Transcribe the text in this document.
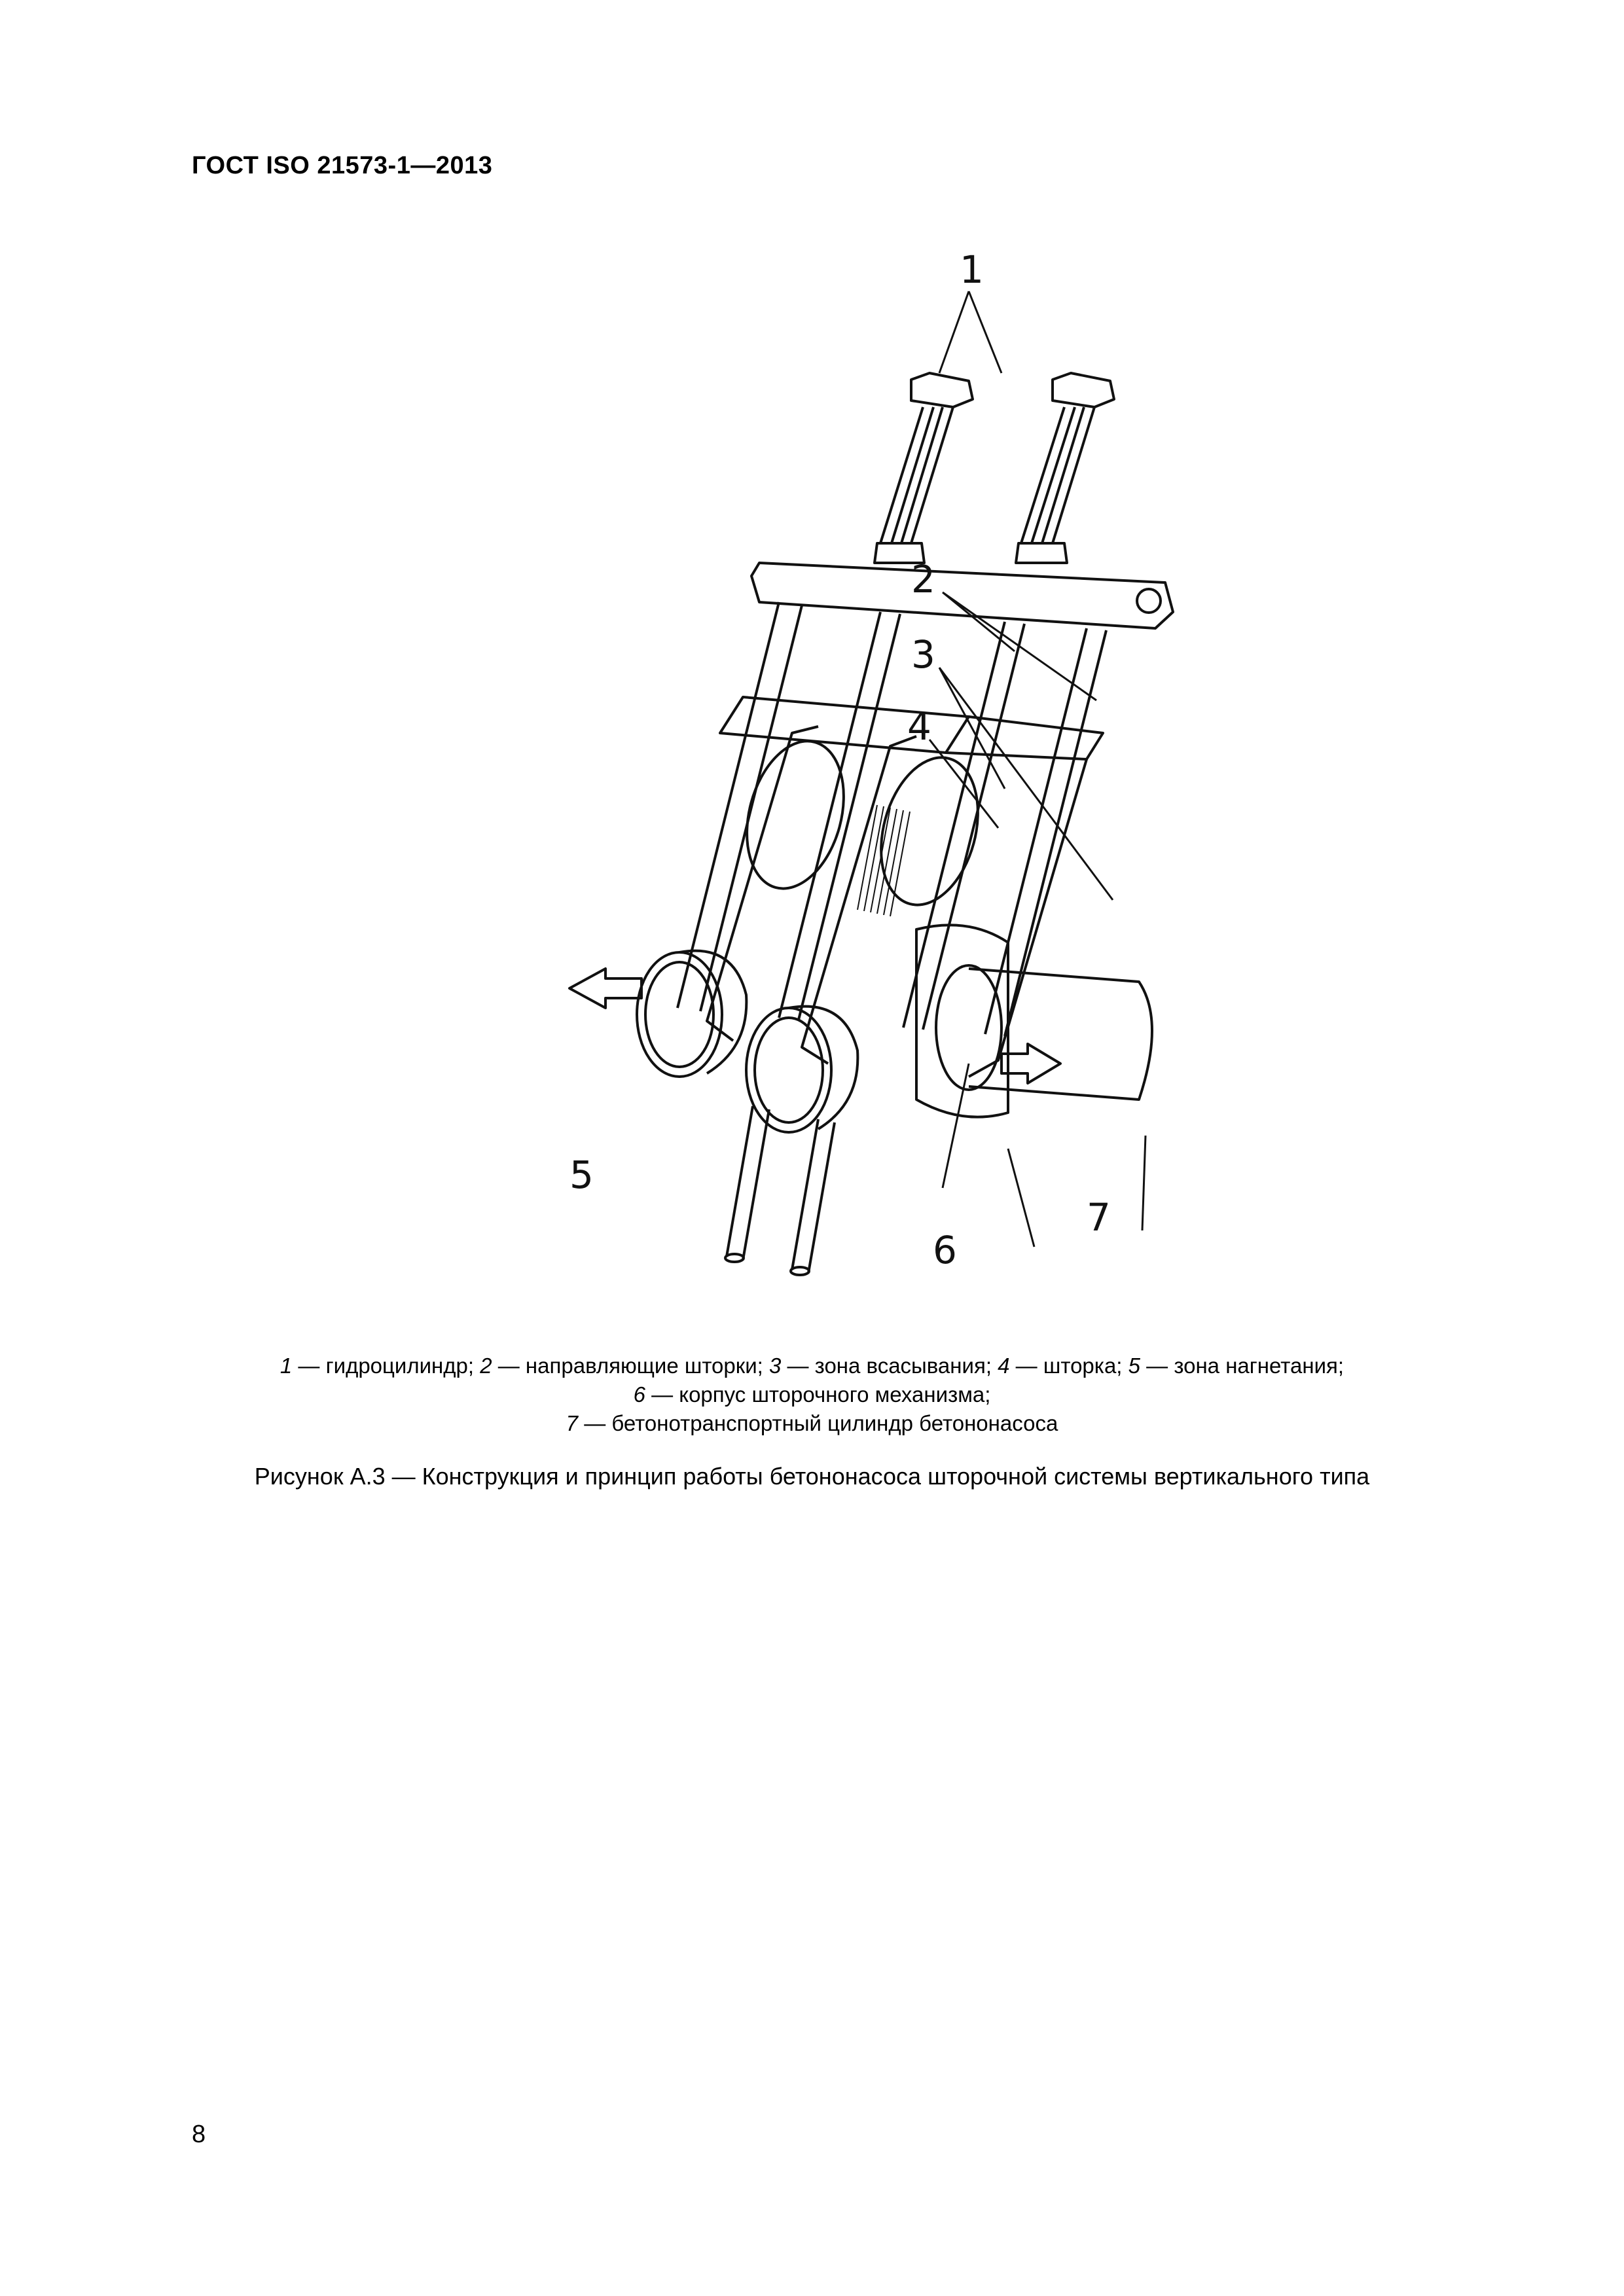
ГОСТ ISO 21573-1—2013
1
2
3
4
5
6
7
1 — гидроцилиндр; 2 — направляющие шторки; 3 — зона всасывания; 4 — шторка; 5 — зона нагнетания;
6 — корпус шторочного механизма;
7 — бетонотранспортный цилиндр бетононасоса
Рисунок А.3 — Конструкция и принцип работы бетононасоса шторочной системы вертикального типа
8
